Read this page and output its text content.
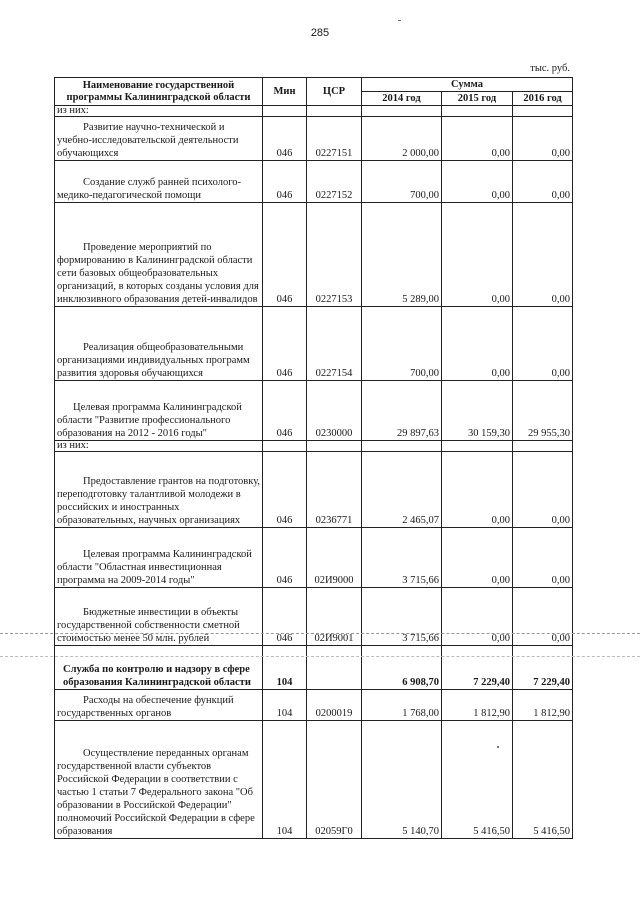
285
тыс. руб.
Наименование государственной программы Калининградской области	Мин	ЦСР	Сумма		
			2014 год	2015 год	2016 год
из них:					
Развитие научно-технической и учебно-исследовательской деятельности обучающихся	046	0227151	2 000,00	0,00	0,00
Создание служб ранней психолого-медико-педагогической помощи	046	0227152	700,00	0,00	0,00
Проведение мероприятий по формированию в Калининградской области сети базовых общеобразовательных организаций, в которых созданы условия для инклюзивного образования детей-инвалидов	046	0227153	5 289,00	0,00	0,00
Реализация общеобразовательными организациями индивидуальных программ развития здоровья обучающихся	046	0227154	700,00	0,00	0,00
Целевая программа Калининградской области "Развитие профессионального образования на 2012 - 2016 годы"	046	0230000	29 897,63	30 159,30	29 955,30
из них:					
Предоставление грантов на подготовку, переподготовку талантливой молодежи в российских и иностранных образовательных, научных организациях	046	0236771	2 465,07	0,00	0,00
Целевая программа Калининградской области "Областная инвестиционная программа на 2009-2014 годы"	046	02И9000	3 715,66	0,00	0,00
Бюджетные инвестиции в объекты государственной собственности сметной стоимостью менее 50 млн. рублей	046	02И9001	3 715,66	0,00	0,00
Служба по контролю и надзору в сфере образования Калининградской области	104		6 908,70	7 229,40	7 229,40
Расходы на обеспечение функций государственных органов	104	0200019	1 768,00	1 812,90	1 812,90
Осуществление переданных органам государственной власти субъектов Российской Федерации в соответствии с частью 1 статьи 7 Федерального закона "Об образовании в Российской Федерации" полномочий Российской Федерации в сфере образования	104	02059Г0	5 140,70	5 416,50	5 416,50
